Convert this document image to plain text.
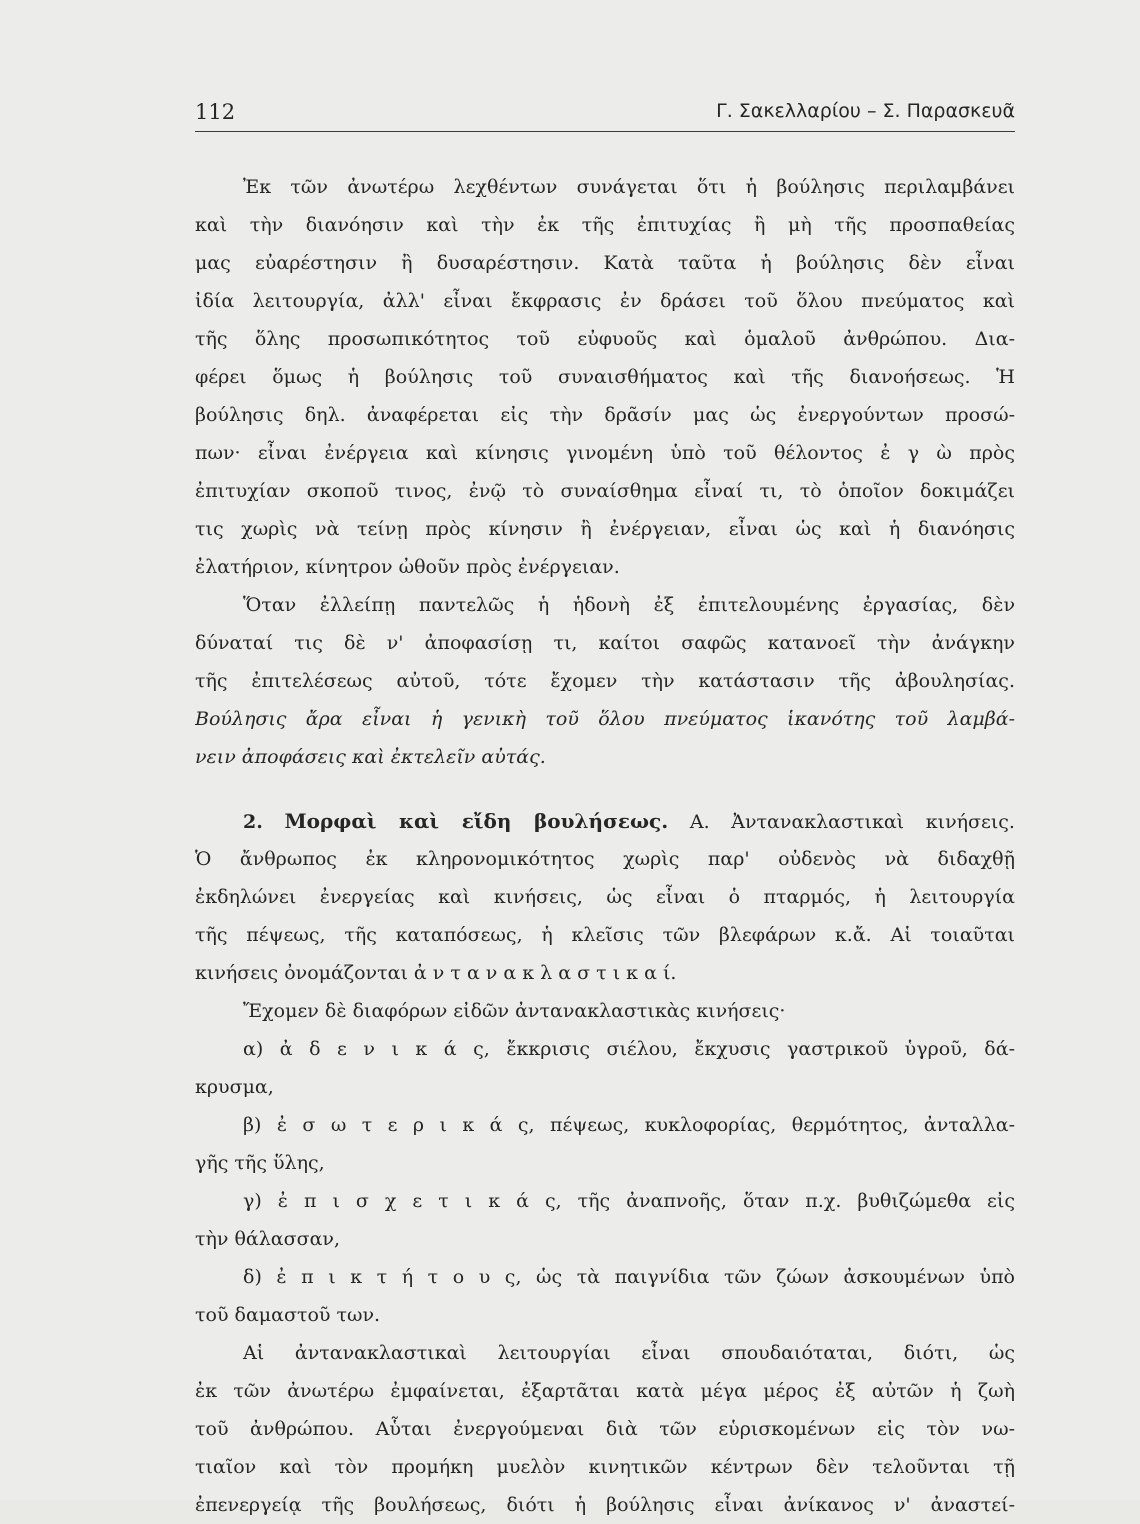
112	Γ. Σακελλαρίου – Σ. Παρασκευᾶ
Ἐκ τῶν ἀνωτέρω λεχθέντων συνάγεται ὅτι ἡ βούλησις περιλαμβάνει
καὶ τὴν διανόησιν καὶ τὴν ἐκ τῆς ἐπιτυχίας ἢ μὴ τῆς προσπαθείας
μας εὐαρέστησιν ἢ δυσαρέστησιν. Κατὰ ταῦτα ἡ βούλησις δὲν εἶναι
ἰδία λειτουργία, ἀλλ' εἶναι ἔκφρασις ἐν δράσει τοῦ ὅλου πνεύματος καὶ
τῆς ὅλης προσωπικότητος τοῦ εὐφυοῦς καὶ ὁμαλοῦ ἀνθρώπου. Δια-
φέρει ὅμως ἡ βούλησις τοῦ συναισθήματος καὶ τῆς διανοήσεως. Ἡ
βούλησις δηλ. ἀναφέρεται εἰς τὴν δρᾶσίν μας ὡς ἐνεργούντων προσώ-
πων· εἶναι ἐνέργεια καὶ κίνησις γινομένη ὑπὸ τοῦ θέλοντος ἐ γ ὼ πρὸς
ἐπιτυχίαν σκοποῦ τινος, ἐνῷ τὸ συναίσθημα εἶναί τι, τὸ ὁποῖον δοκιμάζει
τις χωρὶς νὰ τείνῃ πρὸς κίνησιν ἢ ἐνέργειαν, εἶναι ὡς καὶ ἡ διανόησις
ἐλατήριον, κίνητρον ὠθοῦν πρὸς ἐνέργειαν.
Ὅταν ἐλλείπῃ παντελῶς ἡ ἡδονὴ ἐξ ἐπιτελουμένης ἐργασίας, δὲν
δύναταί τις δὲ ν' ἀποφασίσῃ τι, καίτοι σαφῶς κατανοεῖ τὴν ἀνάγκην
τῆς ἐπιτελέσεως αὐτοῦ, τότε ἔχομεν τὴν κατάστασιν τῆς ἀβουλησίας.
Βούλησις ἄρα εἶναι ἡ γενικὴ τοῦ ὅλου πνεύματος ἱκανότης τοῦ λαμβά-
νειν ἀποφάσεις καὶ ἐκτελεῖν αὐτάς.
2. Μορφαὶ καὶ εἴδη βουλήσεως. Α. Ἀντανακλαστικαὶ κινήσεις.
Ὁ ἄνθρωπος ἐκ κληρονομικότητος χωρὶς παρ' οὐδενὸς νὰ διδαχθῇ
ἐκδηλώνει ἐνεργείας καὶ κινήσεις, ὡς εἶναι ὁ πταρμός, ἡ λειτουργία
τῆς πέψεως, τῆς καταπόσεως, ἡ κλεῖσις τῶν βλεφάρων κ.ἄ. Αἱ τοιαῦται
κινήσεις ὀνομάζονται ἀ ν τ α ν α κ λ α σ τ ι κ α ί.
Ἔχομεν δὲ διαφόρων εἰδῶν ἀντανακλαστικὰς κινήσεις·
α) ἀ δ ε ν ι κ ά ς, ἔκκρισις σιέλου, ἔκχυσις γαστρικοῦ ὑγροῦ, δά-
κρυσμα,
β) ἐ σ ω τ ε ρ ι κ ά ς, πέψεως, κυκλοφορίας, θερμότητος, ἀνταλλα-
γῆς τῆς ὕλης,
γ) ἐ π ι σ χ ε τ ι κ ά ς, τῆς ἀναπνοῆς, ὅταν π.χ. βυθιζώμεθα εἰς
τὴν θάλασσαν,
δ) ἐ π ι κ τ ή τ ο υ ς, ὡς τὰ παιγνίδια τῶν ζώων ἀσκουμένων ὑπὸ
τοῦ δαμαστοῦ των.
Αἱ ἀντανακλαστικαὶ λειτουργίαι εἶναι σπουδαιόταται, διότι, ὡς
ἐκ τῶν ἀνωτέρω ἐμφαίνεται, ἐξαρτᾶται κατὰ μέγα μέρος ἐξ αὐτῶν ἡ ζωὴ
τοῦ ἀνθρώπου. Αὗται ἐνεργούμεναι διὰ τῶν εὑρισκομένων εἰς τὸν νω-
τιαῖον καὶ τὸν προμήκη μυελὸν κινητικῶν κέντρων δὲν τελοῦνται τῇ
ἐπενεργείᾳ τῆς βουλήσεως, διότι ἡ βούλησις εἶναι ἀνίκανος ν' ἀναστεί-
